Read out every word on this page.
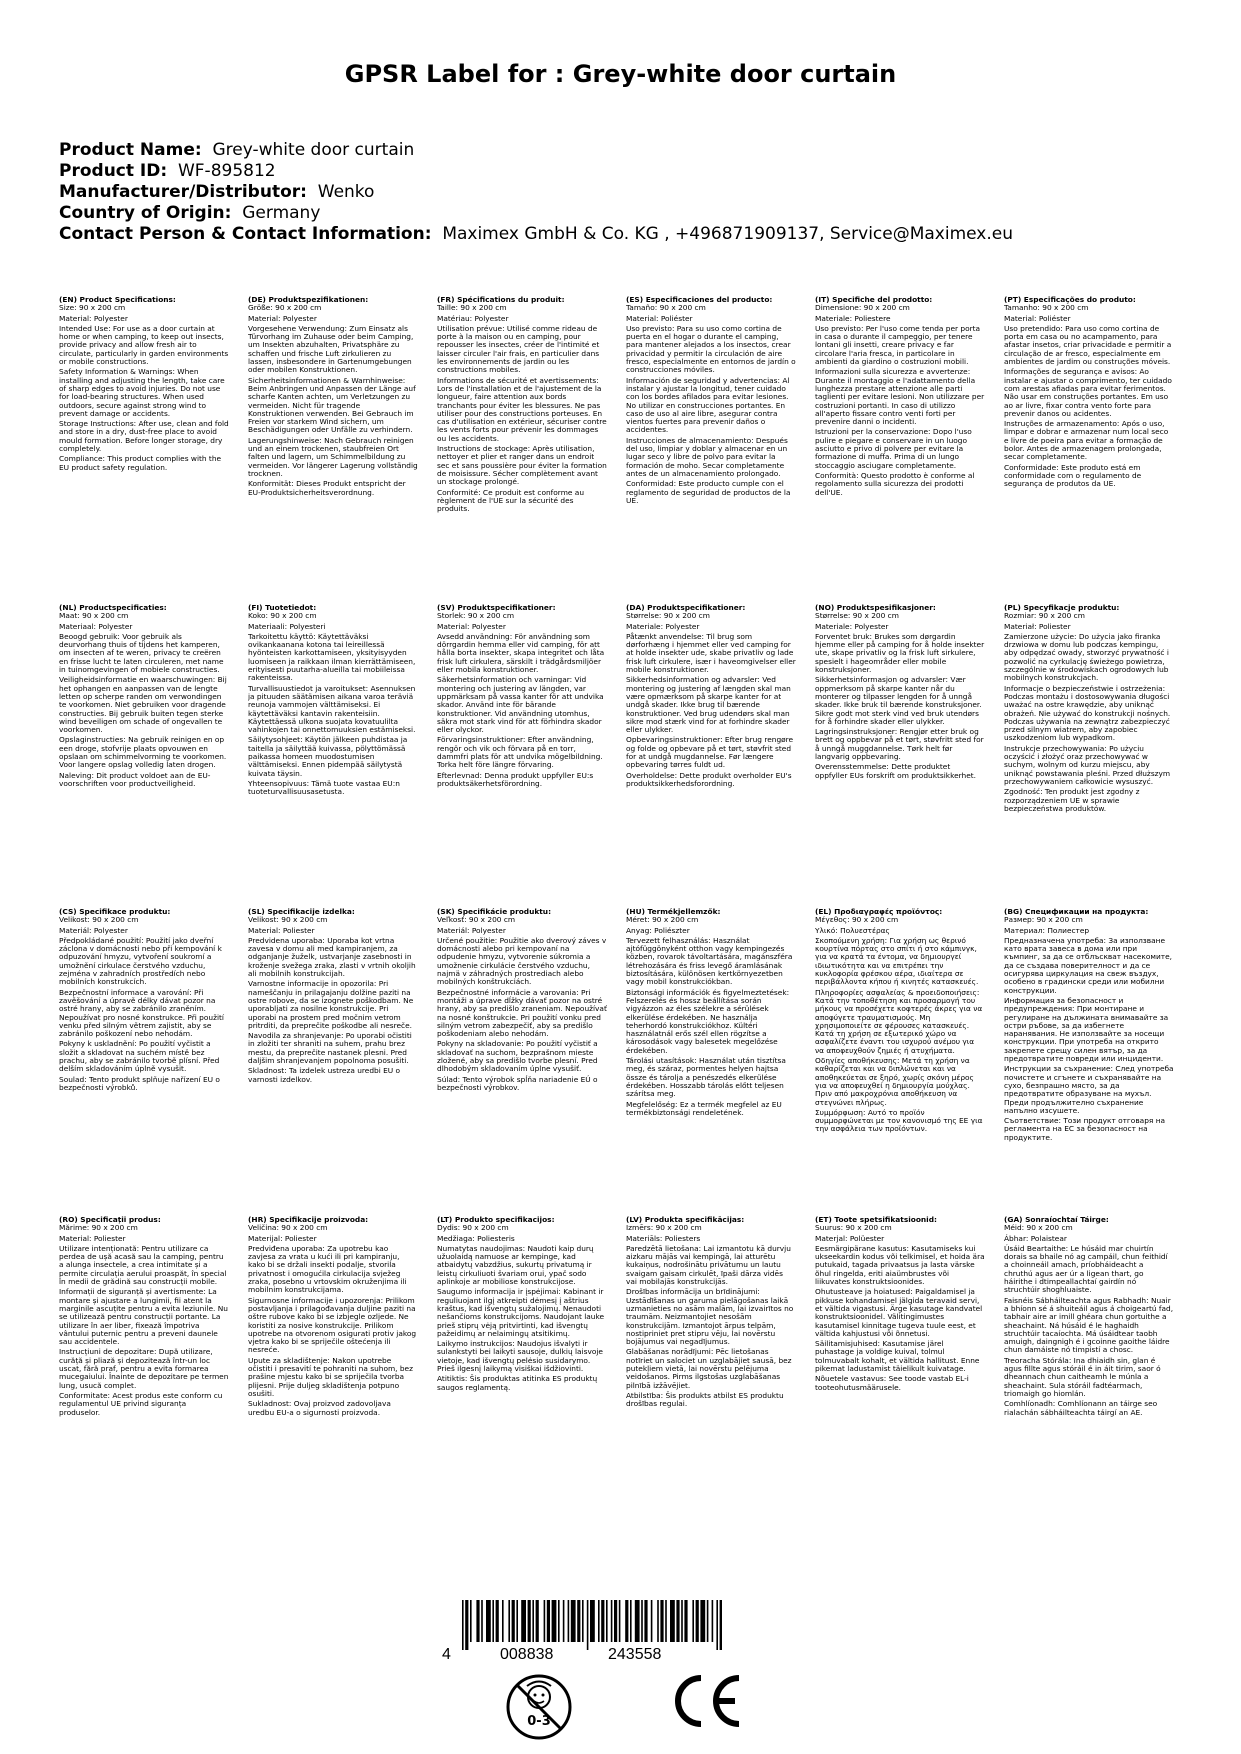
GPSR Label for : Grey-white door curtain
Product Name: Grey-white door curtain
Product ID: WF-895812
Manufacturer/Distributor: Wenko
Country of Origin: Germany
Contact Person & Contact Information: Maximex GmbH & Co. KG , +496871909137, Service@Maximex.eu
(EN) Product Specifications:

Size: 90 x 200 cm

Material: Polyester

Intended Use: For use as a door curtain at home or when camping, to keep out insects, provide privacy and allow fresh air to circulate, particularly in garden environments or mobile constructions.

Safety Information & Warnings: When installing and adjusting the length, take care of sharp edges to avoid injuries. Do not use for load-bearing structures. When used outdoors, secure against strong wind to prevent damage or accidents.

Storage Instructions: After use, clean and fold and store in a dry, dust-free place to avoid mould formation. Before longer storage, dry completely.

Compliance: This product complies with the EU product safety regulation.

(DE) Produktspezifikationen:

Größe: 90 x 200 cm

Material: Polyester

Vorgesehene Verwendung: Zum Einsatz als Türvorhang im Zuhause oder beim Camping, um Insekten abzuhalten, Privatsphäre zu schaffen und frische Luft zirkulieren zu lassen, insbesondere in Gartenumgebungen oder mobilen Konstruktionen.

Sicherheitsinformationen & Warnhinweise: Beim Anbringen und Anpassen der Länge auf scharfe Kanten achten, um Verletzungen zu vermeiden. Nicht für tragende Konstruktionen verwenden. Bei Gebrauch im Freien vor starkem Wind sichern, um Beschädigungen oder Unfälle zu verhindern.

Lagerungshinweise: Nach Gebrauch reinigen und an einem trockenen, staubfreien Ort falten und lagern, um Schimmelbildung zu vermeiden. Vor längerer Lagerung vollständig trocknen.

Konformität: Dieses Produkt entspricht der EU-Produktsicherheitsverordnung.

(FR) Spécifications du produit:

Taille: 90 x 200 cm

Matériau: Polyester

Utilisation prévue: Utilisé comme rideau de porte à la maison ou en camping, pour repousser les insectes, créer de l'intimité et laisser circuler l'air frais, en particulier dans les environnements de jardin ou les constructions mobiles.

Informations de sécurité et avertissements: Lors de l'installation et de l'ajustement de la longueur, faire attention aux bords tranchants pour éviter les blessures. Ne pas utiliser pour des constructions porteuses. En cas d'utilisation en extérieur, sécuriser contre les vents forts pour prévenir les dommages ou les accidents.

Instructions de stockage: Après utilisation, nettoyer et plier et ranger dans un endroit sec et sans poussière pour éviter la formation de moisissure. Sécher complètement avant un stockage prolongé.

Conformité: Ce produit est conforme au règlement de l'UE sur la sécurité des produits.

(ES) Especificaciones del producto:

Tamaño: 90 x 200 cm

Material: Poliéster

Uso previsto: Para su uso como cortina de puerta en el hogar o durante el camping, para mantener alejados a los insectos, crear privacidad y permitir la circulación de aire fresco, especialmente en entornos de jardín o construcciones móviles.

Información de seguridad y advertencias: Al instalar y ajustar la longitud, tener cuidado con los bordes afilados para evitar lesiones. No utilizar en construcciones portantes. En caso de uso al aire libre, asegurar contra vientos fuertes para prevenir daños o accidentes.

Instrucciones de almacenamiento: Después del uso, limpiar y doblar y almacenar en un lugar seco y libre de polvo para evitar la formación de moho. Secar completamente antes de un almacenamiento prolongado.

Conformidad: Este producto cumple con el reglamento de seguridad de productos de la UE.

(IT) Specifiche del prodotto:

Dimensione: 90 x 200 cm

Materiale: Poliestere

Uso previsto: Per l'uso come tenda per porta in casa o durante il campeggio, per tenere lontani gli insetti, creare privacy e far circolare l'aria fresca, in particolare in ambienti da giardino o costruzioni mobili.

Informazioni sulla sicurezza e avvertenze: Durante il montaggio e l'adattamento della lunghezza prestare attenzione alle parti taglienti per evitare lesioni. Non utilizzare per costruzioni portanti. In caso di utilizzo all'aperto fissare contro venti forti per prevenire danni o incidenti.

Istruzioni per la conservazione: Dopo l'uso pulire e piegare e conservare in un luogo asciutto e privo di polvere per evitare la formazione di muffa. Prima di un lungo stoccaggio asciugare completamente.

Conformità: Questo prodotto è conforme al regolamento sulla sicurezza dei prodotti dell'UE.

(PT) Especificações do produto:

Tamanho: 90 x 200 cm

Material: Poliéster

Uso pretendido: Para uso como cortina de porta em casa ou no acampamento, para afastar insetos, criar privacidade e permitir a circulação de ar fresco, especialmente em ambientes de jardim ou construções móveis.

Informações de segurança e avisos: Ao instalar e ajustar o comprimento, ter cuidado com arestas afiadas para evitar ferimentos. Não usar em construções portantes. Em uso ao ar livre, fixar contra vento forte para prevenir danos ou acidentes.

Instruções de armazenamento: Após o uso, limpar e dobrar e armazenar num local seco e livre de poeira para evitar a formação de bolor. Antes de armazenagem prolongada, secar completamente.

Conformidade: Este produto está em conformidade com o regulamento de segurança de produtos da UE.

(NL) Productspecificaties:

Maat: 90 x 200 cm

Materiaal: Polyester

Beoogd gebruik: Voor gebruik als deurvorhang thuis of tijdens het kamperen, om insecten af te weren, privacy te creëren en frisse lucht te laten circuleren, met name in tuinomgevingen of mobiele constructies.

Veiligheidsinformatie en waarschuwingen: Bij het ophangen en aanpassen van de lengte letten op scherpe randen om verwondingen te voorkomen. Niet gebruiken voor dragende constructies. Bij gebruik buiten tegen sterke wind beveiligen om schade of ongevallen te voorkomen.

Opslaginstructies: Na gebruik reinigen en op een droge, stofvrije plaats opvouwen en opslaan om schimmelvorming te voorkomen. Voor langere opslag volledig laten drogen.

Naleving: Dit product voldoet aan de EU-voorschriften voor productveiligheid.

(FI) Tuotetiedot:

Koko: 90 x 200 cm

Materiaali: Polyesteri

Tarkoitettu käyttö: Käytettäväksi ovikankaanana kotona tai leireillessä hyönteisten karkottamiseen, yksityisyyden luomiseen ja raikkaan ilman kierrättämiseen, erityisesti puutarha-alueilla tai mobiileissa rakenteissa.

Turvallisuustiedot ja varoitukset: Asennuksen ja pituuden säätämisen aikana varoa teräviä reunoja vammojen välttämiseksi. Ei käytettäväksi kantavin rakenteisiin. Käytettäessä ulkona suojata kovatuulilta vahinkojen tai onnettomuuksien estämiseksi.

Säilytysohjeet: Käytön jälkeen puhdistaa ja taitella ja säilyttää kuivassa, pölyttömässä paikassa homeen muodostumisen välttämiseksi. Ennen pidempää säilytystä kuivata täysin.

Yhteensopivuus: Tämä tuote vastaa EU:n tuoteturvallisuusasetusta.

(SV) Produktspecifikationer:

Storlek: 90 x 200 cm

Material: Polyester

Avsedd användning: För användning som dörrgardin hemma eller vid camping, för att hålla borta insekter, skapa integritet och låta frisk luft cirkulera, särskilt i trädgårdsmiljöer eller mobila konstruktioner.

Säkerhetsinformation och varningar: Vid montering och justering av längden, var uppmärksam på vassa kanter för att undvika skador. Använd inte för bärande konstruktioner. Vid användning utomhus, säkra mot stark vind för att förhindra skador eller olyckor.

Förvaringsinstruktioner: Efter användning, rengör och vik och förvara på en torr, dammfri plats för att undvika mögelbildning. Torka helt före längre förvaring.

Efterlevnad: Denna produkt uppfyller EU:s produktsäkerhetsförordning.

(DA) Produktspecifikationer:

Størrelse: 90 x 200 cm

Materiale: Polyester

Påtænkt anvendelse: Til brug som dørforhæng i hjemmet eller ved camping for at holde insekter ude, skabe privatliv og lade frisk luft cirkulere, især i haveomgivelser eller mobile konstruktioner.

Sikkerhedsinformation og advarsler: Ved montering og justering af længden skal man være opmærksom på skarpe kanter for at undgå skader. Ikke brug til bærende konstruktioner. Ved brug udendørs skal man sikre mod stærk vind for at forhindre skader eller ulykker.

Opbevaringsinstruktioner: Efter brug rengøre og folde og opbevare på et tørt, støvfrit sted for at undgå mugdannelse. Før længere opbevaring tørres fuldt ud.

Overholdelse: Dette produkt overholder EU's produktsikkerhedsforordning.

(NO) Produktspesifikasjoner:

Størrelse: 90 x 200 cm

Materiale: Polyester

Forventet bruk: Brukes som dørgardin hjemme eller på camping for å holde insekter ute, skape privatliv og la frisk luft sirkulere, spesielt i hageområder eller mobile konstruksjoner.

Sikkerhetsinformasjon og advarsler: Vær oppmerksom på skarpe kanter når du monterer og tilpasser lengden for å unngå skader. Ikke bruk til bærende konstruksjoner. Sikre godt mot sterk vind ved bruk utendørs for å forhindre skader eller ulykker.

Lagringsinstruksjoner: Rengjør etter bruk og brett og oppbevar på et tørt, støvfritt sted for å unngå muggdannelse. Tørk helt før langvarig oppbevaring.

Overensstemmelse: Dette produktet oppfyller EUs forskrift om produktsikkerhet.

(PL) Specyfikacje produktu:

Rozmiar: 90 x 200 cm

Materiał: Poliester

Zamierzone użycie: Do użycia jako firanka drzwiowa w domu lub podczas kempingu, aby odpędzać owady, stworzyć prywatność i pozwolić na cyrkulację świeżego powietrza, szczególnie w środowiskach ogrodowych lub mobilnych konstrukcjach.

Informacje o bezpieczeństwie i ostrzeżenia: Podczas montażu i dostosowywania długości uważać na ostre krawędzie, aby uniknąć obrażeń. Nie używać do konstrukcji nośnych. Podczas używania na zewnątrz zabezpieczyć przed silnym wiatrem, aby zapobiec uszkodzeniom lub wypadkom.

Instrukcje przechowywania: Po użyciu oczyścić i złożyć oraz przechowywać w suchym, wolnym od kurzu miejscu, aby uniknąć powstawania pleśni. Przed dłuższym przechowywaniem całkowicie wysuszyć.

Zgodność: Ten produkt jest zgodny z rozporządzeniem UE w sprawie bezpieczeństwa produktów.

(CS) Specifikace produktu:

Velikost: 90 x 200 cm

Materiál: Polyester

Předpokládané použití: Použití jako dveřní záclona v domácnosti nebo při kempování k odpuzování hmyzu, vytvoření soukromí a umožnění cirkulace čerstvého vzduchu, zejména v zahradních prostředích nebo mobilních konstrukcích.

Bezpečnostní informace a varování: Při zavěšování a úpravě délky dávat pozor na ostré hrany, aby se zabránilo zraněním. Nepoužívat pro nosné konstrukce. Při použití venku před silným větrem zajistit, aby se zabránilo poškození nebo nehodám.

Pokyny k uskladnění: Po použití vyčistit a složit a skladovat na suchém místě bez prachu, aby se zabránilo tvorbě plísní. Před delším skladováním úplně vysušit.

Soulad: Tento produkt splňuje nařízení EU o bezpečnosti výrobků.

(SL) Specifikacije izdelka:

Velikost: 90 x 200 cm

Material: Poliester

Predvidena uporaba: Uporaba kot vrtna zavesa v domu ali med kampiranjem, za odganjanje žuželk, ustvarjanje zasebnosti in kroženje svežega zraka, zlasti v vrtnih okoljih ali mobilnih konstrukcijah.

Varnostne informacije in opozorila: Pri nameščanju in prilagajanju dolžine paziti na ostre robove, da se izognete poškodbam. Ne uporabljati za nosilne konstrukcije. Pri uporabi na prostem pred močnim vetrom pritrditi, da preprečite poškodbe ali nesreče.

Navodila za shranjevanje: Po uporabi očistiti in zložiti ter shraniti na suhem, prahu brez mestu, da preprečite nastanek plesni. Pred daljšim shranjevanjem popolnoma posušiti.

Skladnost: Ta izdelek ustreza uredbi EU o varnosti izdelkov.

(SK) Špecifikácie produktu:

Veľkosť: 90 x 200 cm

Materiál: Polyester

Určené použitie: Použitie ako dverový záves v domácnosti alebo pri kempovaní na odpudenie hmyzu, vytvorenie súkromia a umožnenie cirkulácie čerstvého vzduchu, najmä v záhradných prostrediach alebo mobilných konštrukciách.

Bezpečnostné informácie a varovania: Pri montáži a úprave dĺžky dávať pozor na ostré hrany, aby sa predišlo zraneniam. Nepoužívať na nosné konštrukcie. Pri použití vonku pred silným vetrom zabezpečiť, aby sa predišlo poškodeniam alebo nehodám.

Pokyny na skladovanie: Po použití vyčistiť a skladovať na suchom, bezprašnom mieste zložené, aby sa predišlo tvorbe plesní. Pred dlhodobým skladovaním úplne vysušiť.

Súlad: Tento výrobok spĺňa nariadenie EÚ o bezpečnosti výrobkov.

(HU) Termékjellemzők:

Méret: 90 x 200 cm

Anyag: Poliészter

Tervezett felhasználás: Használat ajtófüggönyként otthon vagy kempingezés közben, rovarok távoltartására, magánszféra létrehozására és friss levegő áramlásának biztosítására, különösen kertkörnyezetben vagy mobil konstrukciókban.

Biztonsági információk és figyelmeztetések: Felszerelés és hossz beállítása során vigyázzon az éles szélekre a sérülések elkerülése érdekében. Ne használja teherhordó konstrukciókhoz. Kültéri használatnál erős szél ellen rögzítse a károsodások vagy balesetek megelőzése érdekében.

Tárolási utasítások: Használat után tisztítsa meg, és száraz, pormentes helyen hajtsa össze és tárolja a penészedés elkerülése érdekében. Hosszabb tárolás előtt teljesen szárítsa meg.

Megfelelőség: Ez a termék megfelel az EU termékbiztonsági rendeletének.

(EL) Προδιαγραφές προϊόντος:

Μέγεθος: 90 x 200 cm

Υλικό: Πολυεστέρας

Σκοπούμενη χρήση: Για χρήση ως θερινό κουρτίνα πόρτας στο σπίτι ή στο κάμπινγκ, για να κρατά τα έντομα, να δημιουργεί ιδιωτικότητα και να επιτρέπει την κυκλοφορία φρέσκου αέρα, ιδιαίτερα σε περιβάλλοντα κήπου ή κινητές κατασκευές.

Πληροφορίες ασφαλείας & προειδοποιήσεις: Κατά την τοποθέτηση και προσαρμογή του μήκους να προσέχετε κοφτερές άκρες για να αποφύγετε τραυματισμούς. Μη χρησιμοποιείτε σε φέρουσες κατασκευές. Κατά τη χρήση σε εξωτερικό χώρο να ασφαλίζετε έναντι του ισχυρού ανέμου για να αποφευχθούν ζημιές ή ατυχήματα.

Οδηγίες αποθήκευσης: Μετά τη χρήση να καθαρίζεται και να διπλώνεται και να αποθηκεύεται σε ξηρό, χωρίς σκόνη μέρος για να αποφευχθεί η δημιουργία μούχλας. Πριν από μακροχρόνια αποθήκευση να στεγνώνει πλήρως.

Συμμόρφωση: Αυτό το προϊόν συμμορφώνεται με τον κανονισμό της ΕΕ για την ασφάλεια των προϊόντων.

(BG) Спецификации на продукта:

Размер: 90 x 200 cm

Материал: Полиестер

Предназначена употреба: За използване като врата завеса в дома или при къмпинг, за да се отблъскват насекомите, да се създава поверителност и да се осигурява циркулация на свеж въздух, особено в градински среди или мобилни конструкции.

Информация за безопасност и предупреждения: При монтиране и регулиране на дължината внимавайте за остри ръбове, за да избегнете наранявания. Не използвайте за носещи конструкции. При употреба на открито закрепете срещу силен вятър, за да предотвратите повреди или инциденти.

Инструкции за съхранение: След употреба почистете и сгънете и съхранявайте на сухо, безпрашно място, за да предотвратите образуване на мухъл. Преди продължително съхранение напълно изсушете.

Съответствие: Този продукт отговаря на регламента на ЕС за безопасност на продуктите.

(RO) Specificații produs:

Mărime: 90 x 200 cm

Material: Poliester

Utilizare intenționată: Pentru utilizare ca perdea de ușă acasă sau la camping, pentru a alunga insectele, a crea intimitate și a permite circulația aerului proaspăt, în special în medii de grădină sau construcții mobile.

Informații de siguranță și avertismente: La montare și ajustare a lungimii, fii atent la marginile ascuțite pentru a evita leziunile. Nu se utilizează pentru construcții portante. La utilizare în aer liber, fixează împotriva vântului puternic pentru a preveni daunele sau accidentele.

Instrucțiuni de depozitare: După utilizare, curăță și pliază și depozitează într-un loc uscat, fără praf, pentru a evita formarea mucegaiului. Înainte de depozitare pe termen lung, usucă complet.

Conformitate: Acest produs este conform cu regulamentul UE privind siguranța produselor.

(HR) Specifikacije proizvoda:

Veličina: 90 x 200 cm

Materijal: Poliester

Predviđena uporaba: Za upotrebu kao zavjesa za vrata u kući ili pri kampiranju, kako bi se držali insekti podalje, stvorila privatnost i omogućila cirkulacija svježeg zraka, posebno u vrtovskim okruženjima ili mobilnim konstrukcijama.

Sigurnosne informacije i upozorenja: Prilikom postavljanja i prilagođavanja duljine paziti na oštre rubove kako bi se izbjegle ozljede. Ne koristiti za nosive konstrukcije. Prilikom upotrebe na otvorenom osigurati protiv jakog vjetra kako bi se spriječile oštećenja ili nesreće.

Upute za skladištenje: Nakon upotrebe očistiti i presavití te pohraniti na suhom, bez prašine mjestu kako bi se spriječila tvorba plijesni. Prije duljeg skladištenja potpuno osušiti.

Sukladnost: Ovaj proizvod zadovoljava uredbu EU-a o sigurnosti proizvoda.

(LT) Produkto specifikacijos:

Dydis: 90 x 200 cm

Medžiaga: Poliesteris

Numatytas naudojimas: Naudoti kaip durų užuolaidą namuose ar kempinge, kad atbaidytų vabzdžius, sukurtų privatumą ir leistų cirkuliuoti švariam orui, ypač sodo aplinkoje ar mobiliose konstrukcijose.

Saugumo informacija ir įspėjimai: Kabinant ir reguliuojant ilgį atkreipti dėmesį į aštrius kraštus, kad išvengtų sužalojimų. Nenaudoti nešančioms konstrukcijoms. Naudojant lauke prieš stiprų vėją pritvirtinti, kad išvengtų pažeidimų ar nelaimingų atsitikimų.

Laikymo instrukcijos: Naudojus išvalyti ir sulankstyti bei laikyti sausoje, dulkių laisvoje vietoje, kad išvengtų pelėsio susidarymo. Prieš ilgesnį laikymą visiškai išdžiovinti.

Atitiktis: Šis produktas atitinka ES produktų saugos reglamentą.

(LV) Produkta specifikācijas:

Izmērs: 90 x 200 cm

Materiāls: Poliesters

Paredzētā lietošana: Lai izmantotu kā durvju aizkaru mājās vai kempingā, lai atturētu kukaiņus, nodrošinātu privātumu un lautu svaigam gaisam cirkulēt, īpaši dārza vidēs vai mobilajās konstrukcijās.

Drošības informācija un brīdinājumi: Uzstādīšanas un garuma pielāgošanas laikā uzmanieties no asām malām, lai izvairītos no traumām. Neizmantojiet nesošām konstrukcijām. Izmantojot ārpus telpām, nostipriniet pret stipru vēju, lai novērstu bojājumus vai negadījumus.

Glabāšanas norādījumi: Pēc lietošanas notīriet un salociet un uzglabājiet sausā, bez putekļiem vietā, lai novērstu pelējuma veidošanos. Pirms ilgstošas uzglabāšanas pilnībā izžāvējiet.

Atbilstība: Šis produkts atbilst ES produktu drošības regulai.

(ET) Toote spetsifikatsioonid:

Suurus: 90 x 200 cm

Materjal: Polüester

Eesmärgipärane kasutus: Kasutamiseks kui ukseekardin kodus või telkimisel, et hoida ära putukaid, tagada privaatsus ja lasta värske õhul ringelda, eriti aiaümbrustes või liikuvates konstruktsioonides.

Ohutusteave ja hoiatused: Paigaldamisel ja pikkuse kohandamisel jälgida teravaid servi, et vältida vigastusi. Ärge kasutage kandvatel konstruktsioonidel. Välitingimustes kasutamisel kinnitage tugeva tuule eest, et vältida kahjustusi või õnnetusi.

Säilitamisjuhised: Kasutamise järel puhastage ja voldige kuival, tolmul tolmuvabalt kohalt, et vältida hallitust. Enne pikemat ladustamist täielikult kuivatage.

Nõuetele vastavus: See toode vastab EL-i tooteohutusmäärusele.

(GA) Sonraíochtaí Táirge:

Méid: 90 x 200 cm

Ábhar: Polaistear

Úsáid Beartaithe: Le húsáid mar chuirtín dorais sa bhaile nó ag campáil, chun feithidí a choinneáil amach, príobháideacht a chruthú agus aer úr a ligean thart, go háirithe i dtimpeallachtaí gairdín nó struchtúir shoghluaiste.

Faisnéis Sábháilteachta agus Rabhadh: Nuair a bhíonn sé á shuiteáil agus á choigeartú fad, tabhair aire ar imill ghéara chun gortuithe a sheachaint. Ná húsáid é le haghaidh struchtúir tacaíochta. Má úsáidtear taobh amuigh, daingnigh é i gcoinne gaoithe láidre chun damáiste nó timpistí a chosc.

Treoracha Stórála: Ina dhiaidh sin, glan é agus fillte agus stóráil é in áit tirim, saor ó dheannach chun caitheamh le múnla a sheachaint. Sula stóráil fadtéarmach, triomaigh go hiomlán.

Comhlíonadh: Comhlíonann an táirge seo rialachán sábháilteachta táirgí an AE.

4	008838	243558
0-3
